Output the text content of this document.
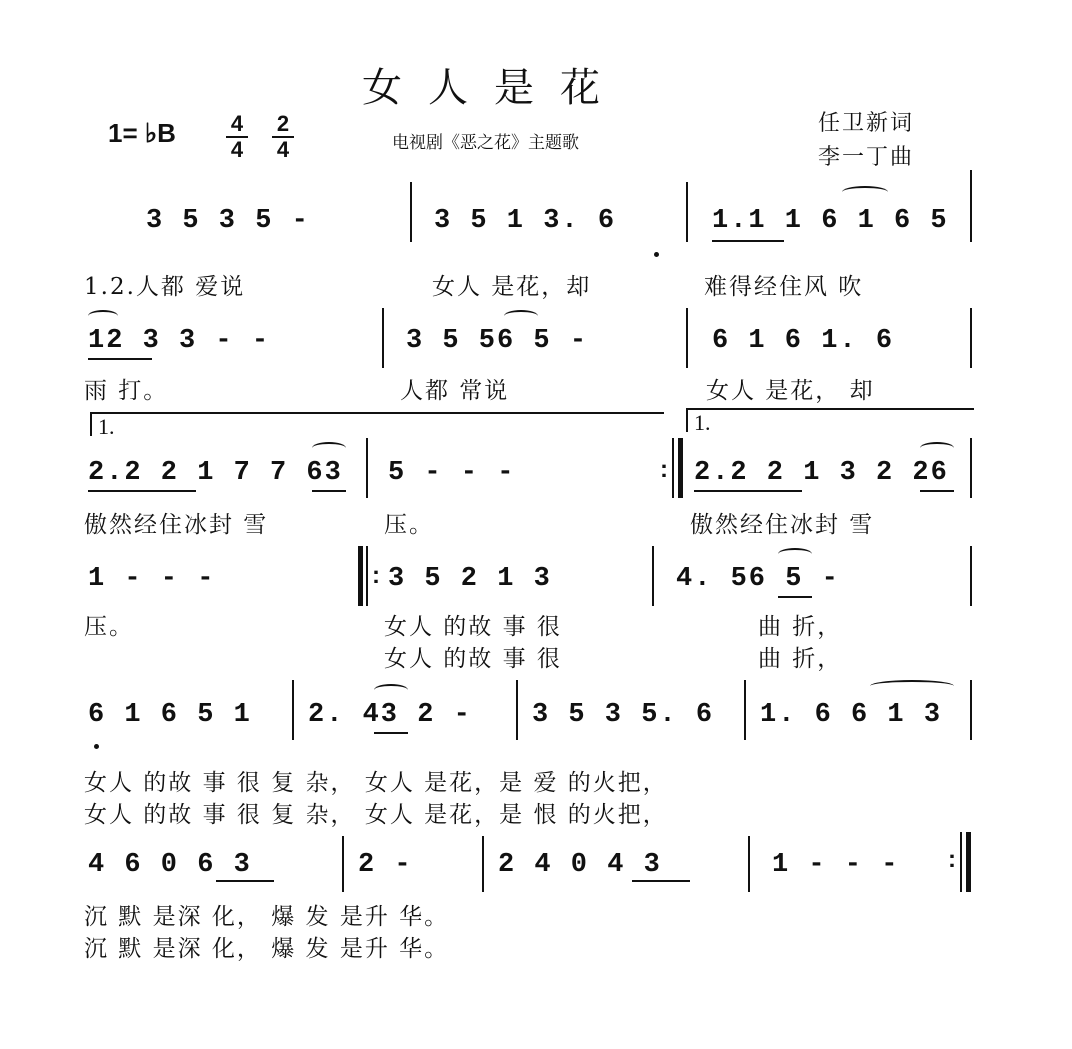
女人是花
1= ♭B 4
4
2
4	电视剧《恶之花》主题歌
任卫新词
李一丁曲
3 5 3 5 -	3 5 1 3. 6	1.1 1 6 1 6 5
1.2.人都 爱说	女人 是花，却	难得经住风 吹
12 3 3 - -	3 5 56 5 -	6 1 6 1. 6
雨 打。	人都 常说	女人 是花， 却
1.	1.
:
2.2 2 1 7 7 63 5 - - -	2.2 2 1 3 2 26
傲然经住冰封 雪	压。	傲然经住冰封 雪
:
1 - - -	3 5 2 1 3	4. 56 5 -
压。	女人 的故 事 很	曲 折，
女人 的故 事 很	曲 折，
6 1 6 5 1 2. 43 2 - 3 5 3 5. 6 1. 6 6 1 3
女人 的故 事 很 复 杂， 女人 是花，是 爱 的火把，
女人 的故 事 很 复 杂， 女人 是花，是 恨 的火把，
:
4 6 0 6 3	2 -	2 4 0 4 3	1 - - -
沉 默 是深 化， 爆 发 是升 华。
沉 默 是深 化， 爆 发 是升 华。
